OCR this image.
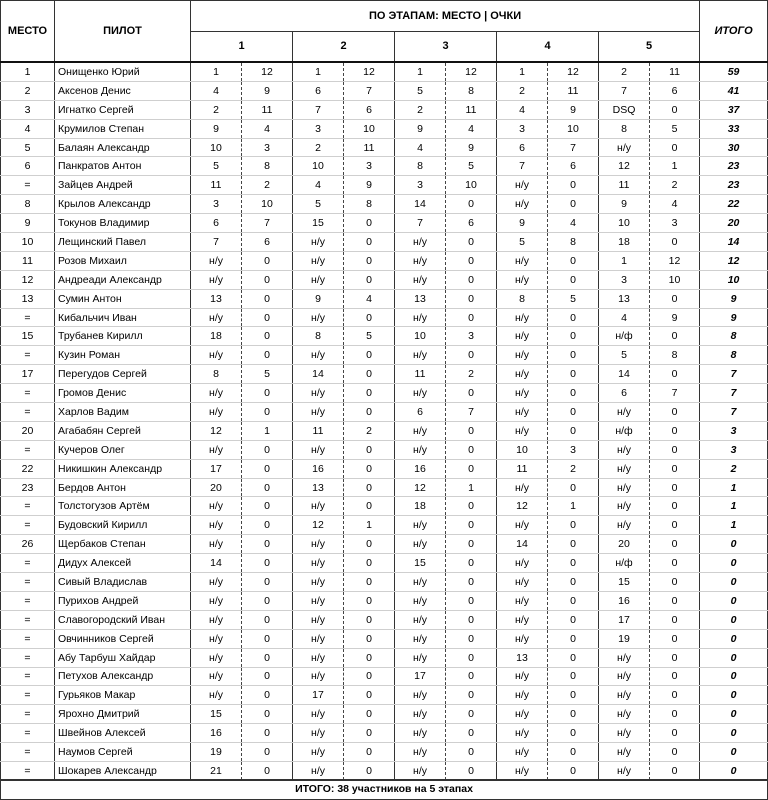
МЕСТО	ПИЛОТ	ПО ЭТАПАМ: МЕСТО | ОЧКИ										ИТОГО
		1		2		3		4		5		
1	Онищенко Юрий	1	12	1	12	1	12	1	12	2	11	59
2	Аксенов Денис	4	9	6	7	5	8	2	11	7	6	41
3	Игнатко Сергей	2	11	7	6	2	11	4	9	DSQ	0	37
4	Крумилов Степан	9	4	3	10	9	4	3	10	8	5	33
5	Балаян Александр	10	3	2	11	4	9	6	7	н/у	0	30
6	Панкратов Антон	5	8	10	3	8	5	7	6	12	1	23
=	Зайцев Андрей	11	2	4	9	3	10	н/у	0	11	2	23
8	Крылов Александр	3	10	5	8	14	0	н/у	0	9	4	22
9	Токунов Владимир	6	7	15	0	7	6	9	4	10	3	20
10	Лещинский Павел	7	6	н/у	0	н/у	0	5	8	18	0	14
11	Розов Михаил	н/у	0	н/у	0	н/у	0	н/у	0	1	12	12
12	Андреади Александр	н/у	0	н/у	0	н/у	0	н/у	0	3	10	10
13	Сумин Антон	13	0	9	4	13	0	8	5	13	0	9
=	Кибальчич Иван	н/у	0	н/у	0	н/у	0	н/у	0	4	9	9
15	Трубанев Кирилл	18	0	8	5	10	3	н/у	0	н/ф	0	8
=	Кузин Роман	н/у	0	н/у	0	н/у	0	н/у	0	5	8	8
17	Перегудов Сергей	8	5	14	0	11	2	н/у	0	14	0	7
=	Громов Денис	н/у	0	н/у	0	н/у	0	н/у	0	6	7	7
=	Харлов Вадим	н/у	0	н/у	0	6	7	н/у	0	н/у	0	7
20	Агабабян Сергей	12	1	11	2	н/у	0	н/у	0	н/ф	0	3
=	Кучеров Олег	н/у	0	н/у	0	н/у	0	10	3	н/у	0	3
22	Никишкин Александр	17	0	16	0	16	0	11	2	н/у	0	2
23	Бердов Антон	20	0	13	0	12	1	н/у	0	н/у	0	1
=	Толстогузов Артём	н/у	0	н/у	0	18	0	12	1	н/у	0	1
=	Будовский Кирилл	н/у	0	12	1	н/у	0	н/у	0	н/у	0	1
26	Щербаков Степан	н/у	0	н/у	0	н/у	0	14	0	20	0	0
=	Дидух Алексей	14	0	н/у	0	15	0	н/у	0	н/ф	0	0
=	Сивый Владислав	н/у	0	н/у	0	н/у	0	н/у	0	15	0	0
=	Пурихов Андрей	н/у	0	н/у	0	н/у	0	н/у	0	16	0	0
=	Славогородский Иван	н/у	0	н/у	0	н/у	0	н/у	0	17	0	0
=	Овчинников Сергей	н/у	0	н/у	0	н/у	0	н/у	0	19	0	0
=	Абу Тарбуш Хайдар	н/у	0	н/у	0	н/у	0	13	0	н/у	0	0
=	Петухов Александр	н/у	0	н/у	0	17	0	н/у	0	н/у	0	0
=	Гурьяков Макар	н/у	0	17	0	н/у	0	н/у	0	н/у	0	0
=	Ярохно Дмитрий	15	0	н/у	0	н/у	0	н/у	0	н/у	0	0
=	Швейнов Алексей	16	0	н/у	0	н/у	0	н/у	0	н/у	0	0
=	Наумов Сергей	19	0	н/у	0	н/у	0	н/у	0	н/у	0	0
=	Шокарев Александр	21	0	н/у	0	н/у	0	н/у	0	н/у	0	0
ИТОГО: 38 участников на 5 этапах
